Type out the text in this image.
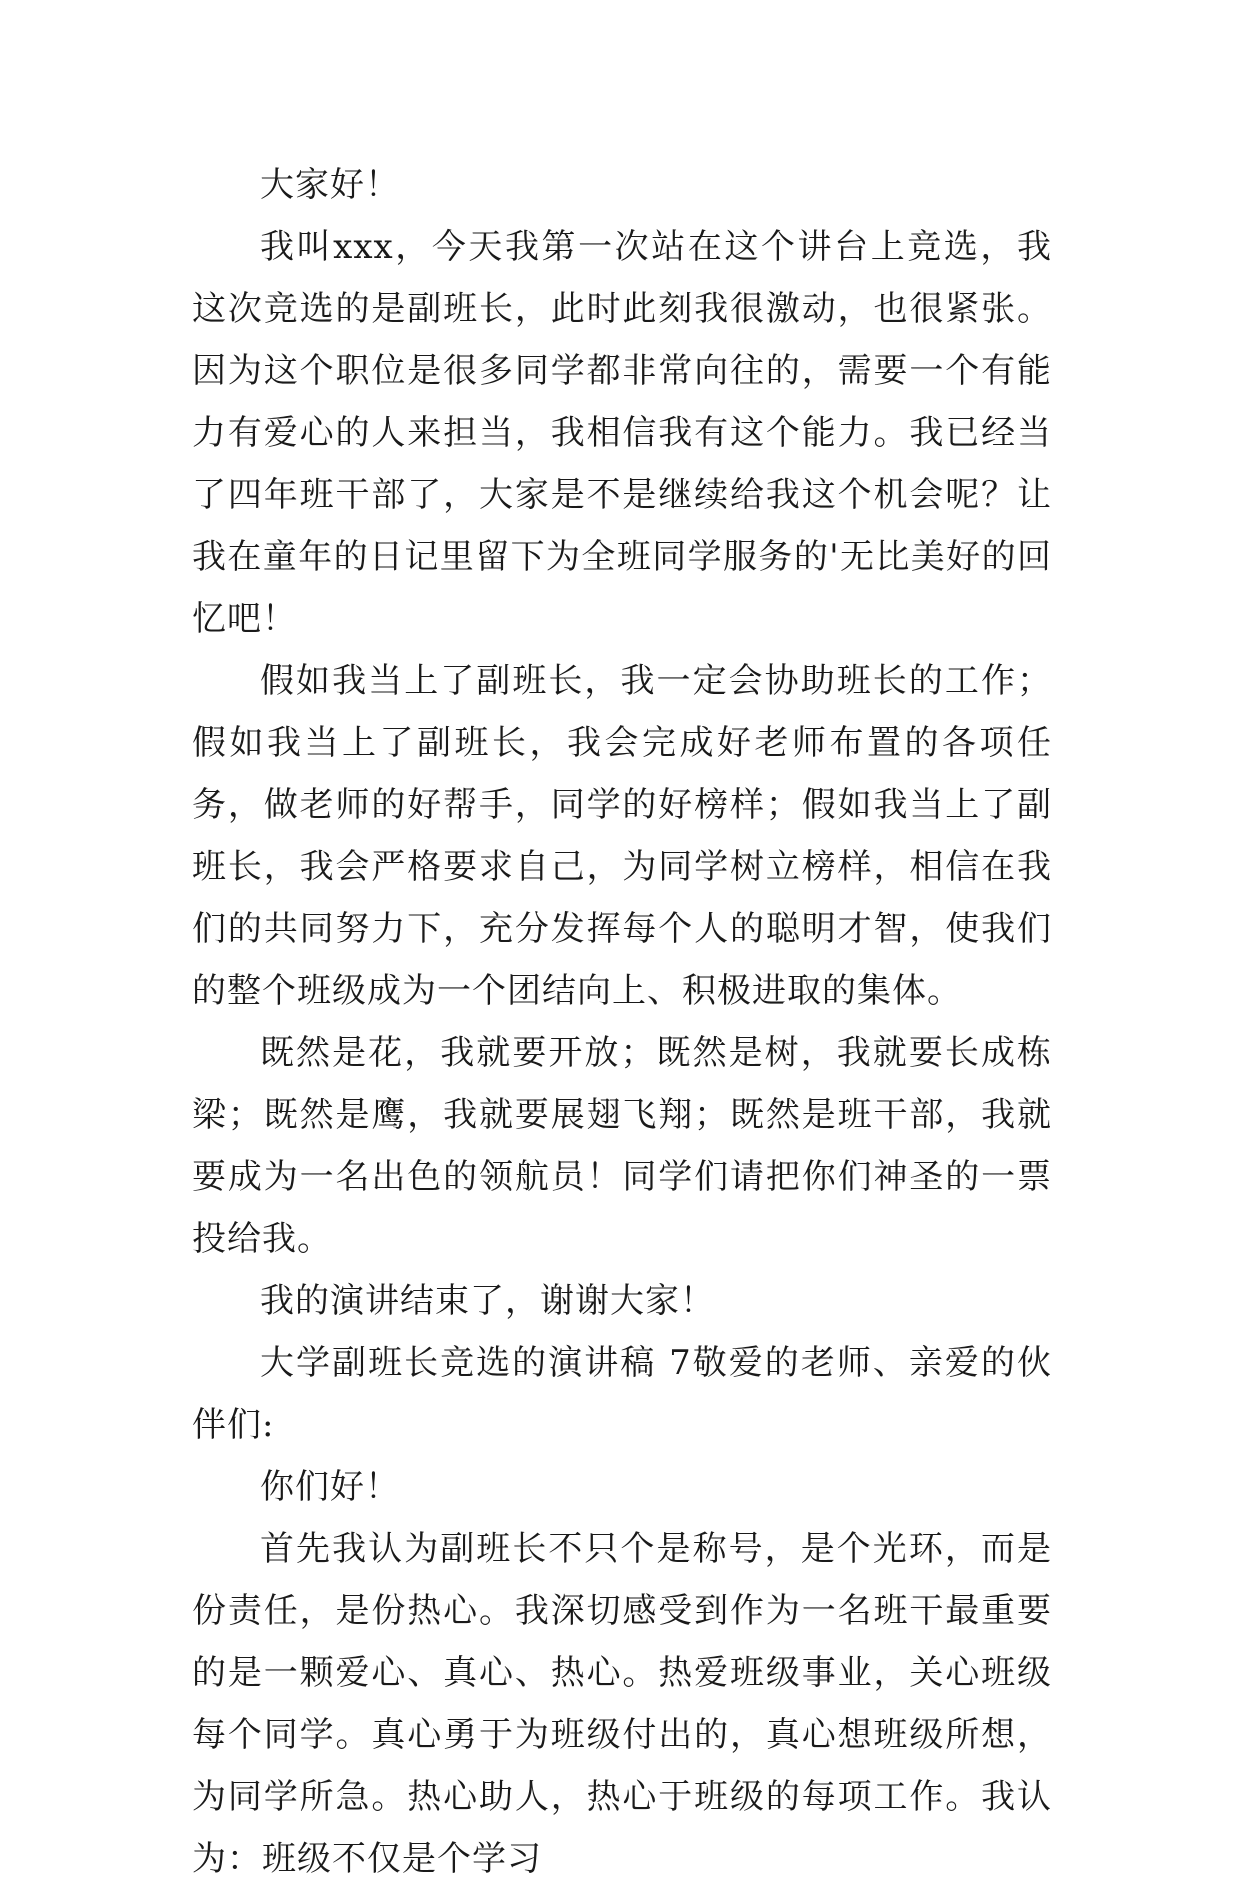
大家好！

我叫xxx，今天我第一次站在这个讲台上竞选，我这次竞选的是副班长，此时此刻我很激动，也很紧张。因为这个职位是很多同学都非常向往的，需要一个有能力有爱心的人来担当，我相信我有这个能力。我已经当了四年班干部了，大家是不是继续给我这个机会呢？让我在童年的日记里留下为全班同学服务的'无比美好的回忆吧！

假如我当上了副班长，我一定会协助班长的工作；假如我当上了副班长，我会完成好老师布置的各项任务，做老师的好帮手，同学的好榜样；假如我当上了副班长，我会严格要求自己，为同学树立榜样，相信在我们的共同努力下，充分发挥每个人的聪明才智，使我们的整个班级成为一个团结向上、积极进取的集体。

既然是花，我就要开放；既然是树，我就要长成栋梁；既然是鹰，我就要展翅飞翔；既然是班干部，我就要成为一名出色的领航员！同学们请把你们神圣的一票投给我。

我的演讲结束了，谢谢大家！

大学副班长竞选的演讲稿 7敬爱的老师、亲爱的伙伴们:

你们好！

首先我认为副班长不只个是称号，是个光环，而是份责任，是份热心。我深切感受到作为一名班干最重要的是一颗爱心、真心、热心。热爱班级事业，关心班级每个同学。真心勇于为班级付出的，真心想班级所想，为同学所急。热心助人，热心于班级的每项工作。我认为：班级不仅是个学习
